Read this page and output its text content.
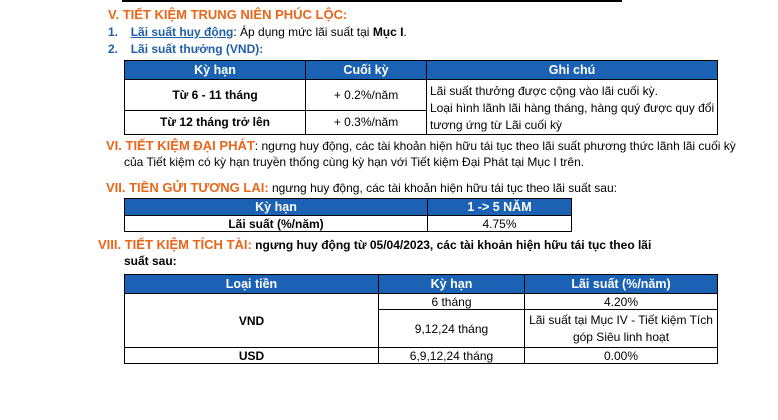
V. TIẾT KIỆM TRUNG NIÊN PHÚC LỘC:
1. Lãi suất huy động: Áp dụng mức lãi suất tại Mục I.
2. Lãi suất thưởng (VND):
Kỳ hạn	Cuối kỳ	Ghi chú
Từ 6 - 11 tháng	+ 0.2%/năm	Lãi suất thưởng được cộng vào lãi cuối kỳ.
Loại hình lãnh lãi hàng tháng, hàng quý được quy đổi
tương ứng từ Lãi cuối kỳ

Từ 12 tháng trở lên	+ 0.3%/năm	
VI. TIẾT KIỆM ĐẠI PHÁT: ngưng huy động, các tài khoản hiện hữu tái tục theo lãi suất phương thức lãnh lãi cuối kỳ
của Tiết kiệm có kỳ hạn truyền thống cùng kỳ hạn với Tiết kiệm Đại Phát tại Mục I trên.
VII. TIỀN GỬI TƯƠNG LAI: ngưng huy động, các tài khoản hiện hữu tái tục theo lãi suất sau:
Kỳ hạn	1 -> 5 NĂM
Lãi suất (%/năm)	4.75%
VIII. TIẾT KIỆM TÍCH TÀI: ngưng huy động từ 05/04/2023, các tài khoản hiện hữu tái tục theo lãi
suất sau:
Loại tiền	Kỳ hạn	Lãi suất (%/năm)
VND	6 tháng	4.20%
	9,12,24 tháng	Lãi suất tại Mục IV - Tiết kiệm Tích
góp Siêu linh hoạt

USD	6,9,12,24 tháng	0.00%
